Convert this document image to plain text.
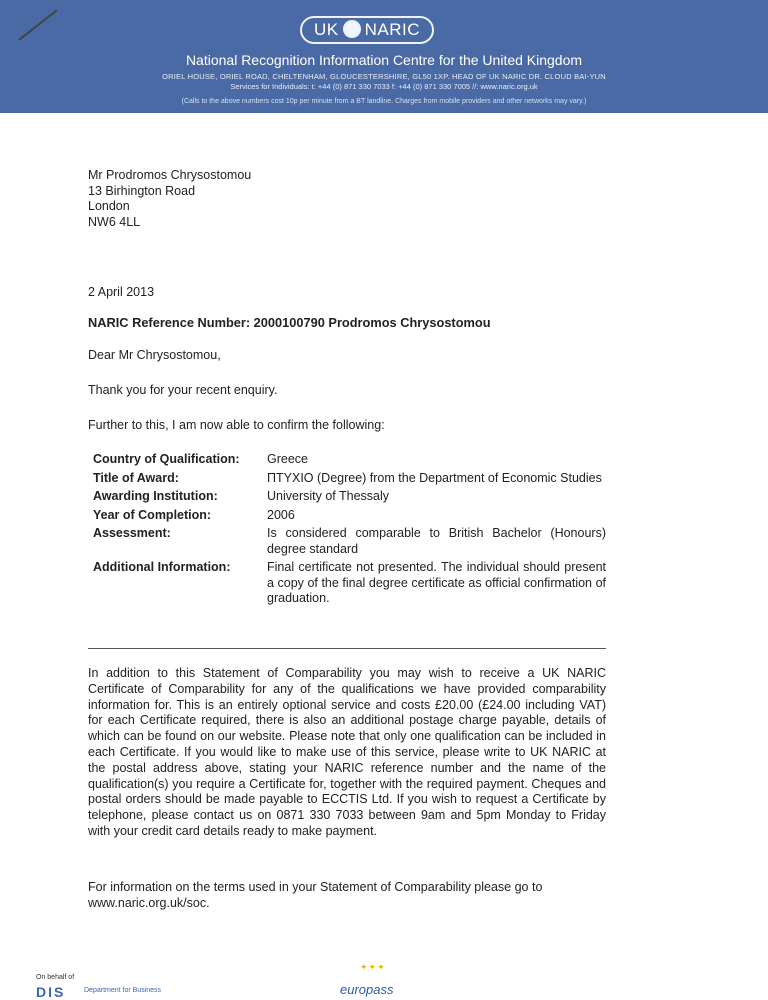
UK NARIC
National Recognition Information Centre for the United Kingdom
ORIEL HOUSE, ORIEL ROAD, CHELTENHAM, GLOUCESTERSHIRE, GL50 1XP. HEAD OF UK NARIC DR. CLOUD BAI-YUN
Services for Individuals: t: +44 (0) 871 330 7033 f: +44 (0) 871 330 7005 //: www.naric.org.uk
(Calls to the above numbers cost 10p per minute from a BT landline. Charges from mobile providers and other networks may vary.)
Mr Prodromos Chrysostomou
13 Birhington Road
London
NW6 4LL
2 April 2013
NARIC Reference Number: 2000100790 Prodromos Chrysostomou
Dear Mr Chrysostomou,
Thank you for your recent enquiry.
Further to this, I am now able to confirm the following:
Country of Qualification:	Greece
Title of Award:	ΠΤΥΧΙΟ (Degree) from the Department of Economic Studies
Awarding Institution:	University of Thessaly
Year of Completion:	2006
Assessment:	Is considered comparable to British Bachelor (Honours) degree standard
Additional Information:	Final certificate not presented. The individual should present a copy of the final degree certificate as official confirmation of graduation.
In addition to this Statement of Comparability you may wish to receive a UK NARIC Certificate of Comparability for any of the qualifications we have provided comparability information for. This is an entirely optional service and costs £20.00 (£24.00 including VAT) for each Certificate required, there is also an additional postage charge payable, details of which can be found on our website. Please note that only one qualification can be included in each Certificate. If you would like to make use of this service, please write to UK NARIC at the postal address above, stating your NARIC reference number and the name of the qualification(s) you require a Certificate for, together with the required payment. Cheques and postal orders should be made payable to ECCTIS Ltd. If you wish to request a Certificate by telephone, please contact us on 0871 330 7033 between 9am and 5pm Monday to Friday with your credit card details ready to make payment.
For information on the terms used in your Statement of Comparability please go to www.naric.org.uk/soc.
On behalf of
DIS	Department for Business
✦✦✦
europass
